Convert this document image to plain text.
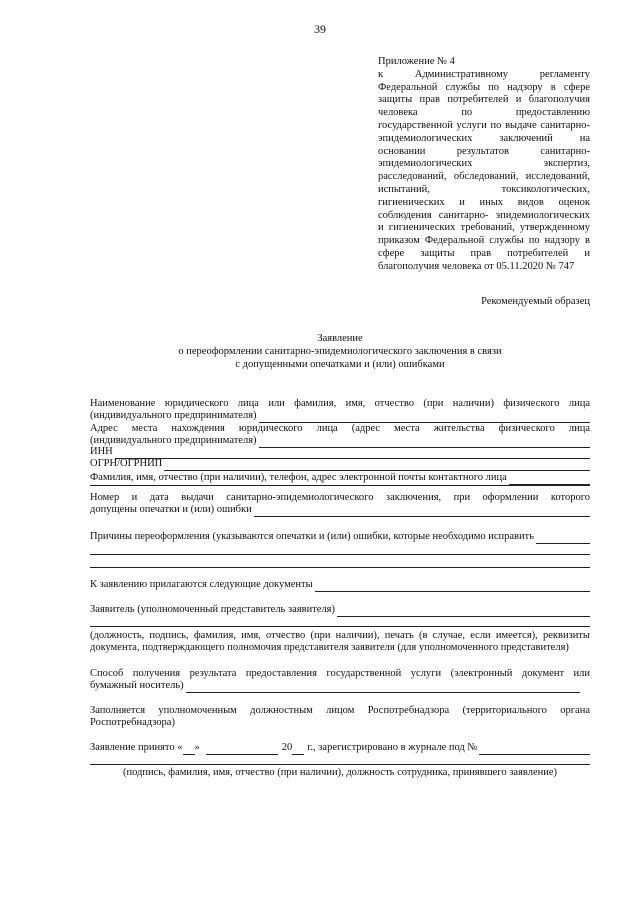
39
Приложение № 4
к Административному регламенту
Федеральной службы по надзору в сфере
защиты прав потребителей и благополучия
человека по предоставлению
государственной услуги по выдаче санитарно-
эпидемиологических заключений на
основании результатов санитарно-
эпидемиологических экспертиз,
расследований, обследований, исследований,
испытаний, токсикологических,
гигиенических и иных видов оценок
соблюдения санитарно- эпидемиологических
и гигиенических требований, утвержденному
приказом Федеральной службы по надзору в
сфере защиты прав потребителей и
благополучия человека от 05.11.2020 № 747
Рекомендуемый образец
Заявление
о переоформлении санитарно-эпидемиологического заключения в связи
с допущенными опечатками и (или) ошибками
Наименование юридического лица или фамилия, имя, отчество (при наличии) физического лица
(индивидуального предпринимателя)
Адрес места нахождения юридического лица (адрес места жительства физического лица
(индивидуального предпринимателя)
ИНН
ОГРН/ОГРНИП
Фамилия, имя, отчество (при наличии), телефон, адрес электронной почты контактного лица
Номер и дата выдачи санитарно-эпидемиологического заключения, при оформлении которого
допущены опечатки и (или) ошибки
Причины переоформления (указываются опечатки и (или) ошибки, которые необходимо исправить
К заявлению прилагаются следующие документы
Заявитель (уполномоченный представитель заявителя)
(должность, подпись, фамилия, имя, отчество (при наличии), печать (в случае, если имеется), реквизиты
документа, подтверждающего полномочия представителя заявителя (для уполномоченного представителя)
Способ получения результата предоставления государственной услуги (электронный документ или
бумажный носитель)
Заполняется уполномоченным должностным лицом Роспотребнадзора (территориального органа
Роспотребнадзора)
Заявление принято « »	20 г., зарегистрировано в журнале под №
(подпись, фамилия, имя, отчество (при наличии), должность сотрудника, принявшего заявление)
